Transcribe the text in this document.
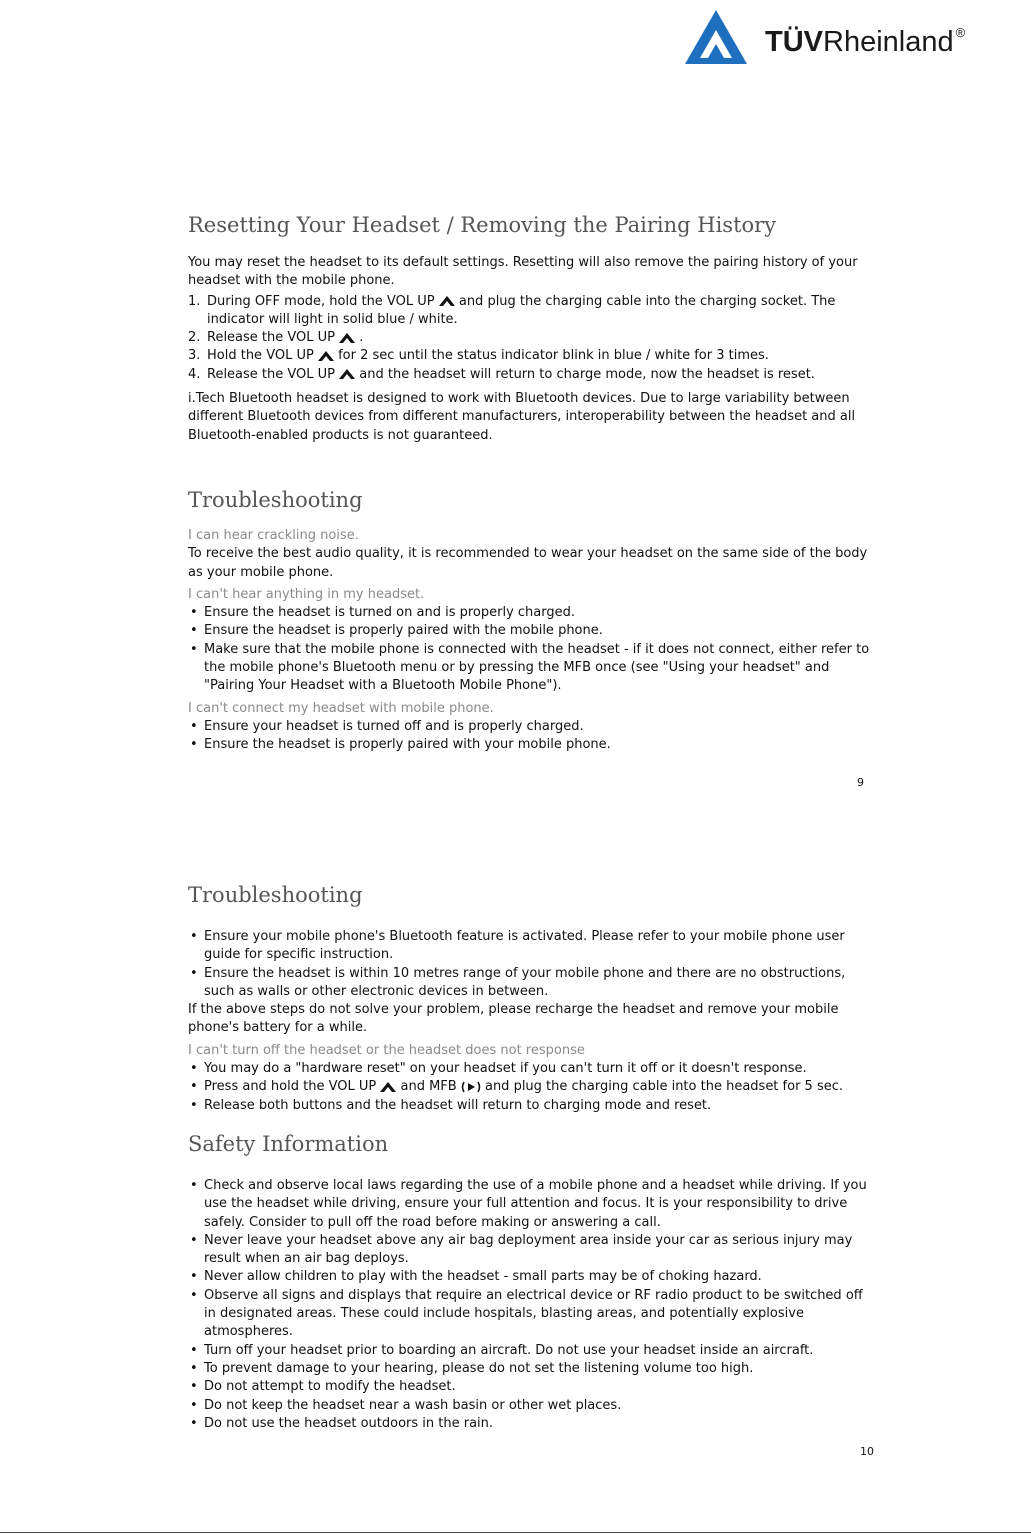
TÜVRheinland ®
Resetting Your Headset / Removing the Pairing History

You may reset the headset to its default settings. Resetting will also remove the pairing history of your headset with the mobile phone.

1. During OFF mode, hold the VOL UP
and plug the charging cable into the charging socket. The indicator will light in solid blue / white.
2. Release the VOL UP
.
3. Hold the VOL UP
for 2 sec until the status indicator blink in blue / white for 3 times.
4. Release the VOL UP
and the headset will return to charge mode, now the headset is reset.

i.Tech Bluetooth headset is designed to work with Bluetooth devices. Due to large variability between different Bluetooth devices from different manufacturers, interoperability between the headset and all Bluetooth-enabled products is not guaranteed.

Troubleshooting
I can hear crackling noise.

To receive the best audio quality, it is recommended to wear your headset on the same side of the body as your mobile phone.

I can't hear anything in my headset.
• Ensure the headset is turned on and is properly charged.
• Ensure the headset is properly paired with the mobile phone.
• Make sure that the mobile phone is connected with the headset - if it does not connect, either refer to the mobile phone's Bluetooth menu or by pressing the MFB once (see "Using your headset" and "Pairing Your Headset with a Bluetooth Mobile Phone").
I can't connect my headset with mobile phone.
• Ensure your headset is turned off and is properly charged.
• Ensure the headset is properly paired with your mobile phone.
9
Troubleshooting
• Ensure your mobile phone's Bluetooth feature is activated. Please refer to your mobile phone user guide for specific instruction.
• Ensure the headset is within 10 metres range of your mobile phone and there are no obstructions, such as walls or other electronic devices in between.

If the above steps do not solve your problem, please recharge the headset and remove your mobile phone's battery for a while.

I can't turn off the headset or the headset does not response
• You may do a "hardware reset" on your headset if you can't turn it off or it doesn't response.
• Press and hold the VOL UP
and MFB  and plug the charging cable into the headset for 5 sec.
• Release both buttons and the headset will return to charging mode and reset.
Safety Information
• Check and observe local laws regarding the use of a mobile phone and a headset while driving. If you use the headset while driving, ensure your full attention and focus. It is your responsibility to drive safely. Consider to pull off the road before making or answering a call.
• Never leave your headset above any air bag deployment area inside your car as serious injury may result when an air bag deploys.
• Never allow children to play with the headset - small parts may be of choking hazard.
• Observe all signs and displays that require an electrical device or RF radio product to be switched off in designated areas. These could include hospitals, blasting areas, and potentially explosive atmospheres.
• Turn off your headset prior to boarding an aircraft. Do not use your headset inside an aircraft.
• To prevent damage to your hearing, please do not set the listening volume too high.
• Do not attempt to modify the headset.
• Do not keep the headset near a wash basin or other wet places.
• Do not use the headset outdoors in the rain.
10
